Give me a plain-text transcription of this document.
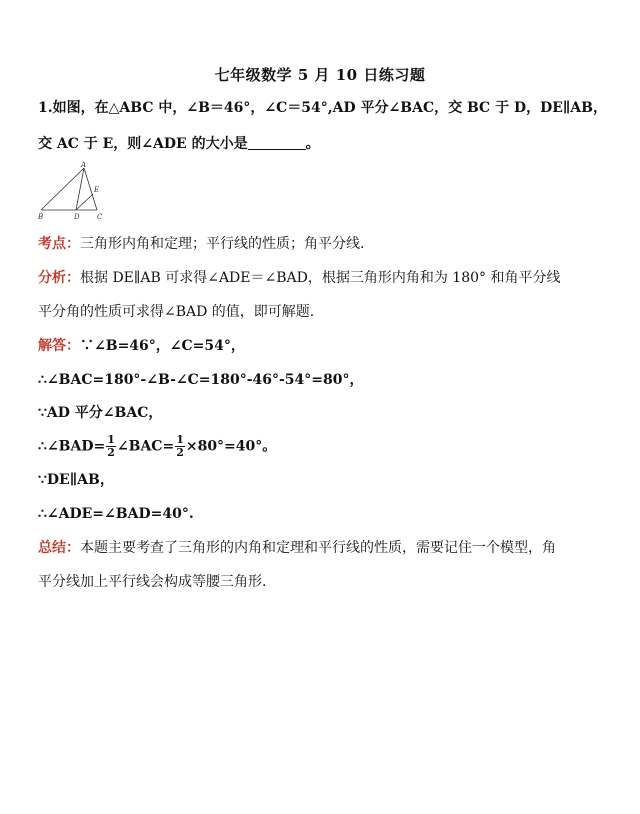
七年级数学 5 月 10 日练习题
1.如图，在△ABC 中，∠B＝46°，∠C＝54°,AD 平分∠BAC，交 BC 于 D，DE∥AB，
交 AC 于 E，则∠ADE 的大小是	。
A
B	D C
E
考点：三角形内角和定理；平行线的性质；角平分线.
分析：根据 DE∥AB 可求得∠ADE＝∠BAD，根据三角形内角和为 180° 和角平分线
平分角的性质可求得∠BAD 的值，即可解题.
解答：∵∠B=46°，∠C=54°，
∴∠BAC=180°-∠B-∠C=180°-46°-54°=80°，
∵AD 平分∠BAC，
∴∠BAD= $\frac{1}{2}$ ∠BAC= $\frac{1}{2} \times 80^\circ=40^\circ$。
∵DE∥AB，
∴∠ADE=∠BAD=40°.
总结：本题主要考查了三角形的内角和定理和平行线的性质，需要记住一个模型，角
平分线加上平行线会构成等腰三角形.
